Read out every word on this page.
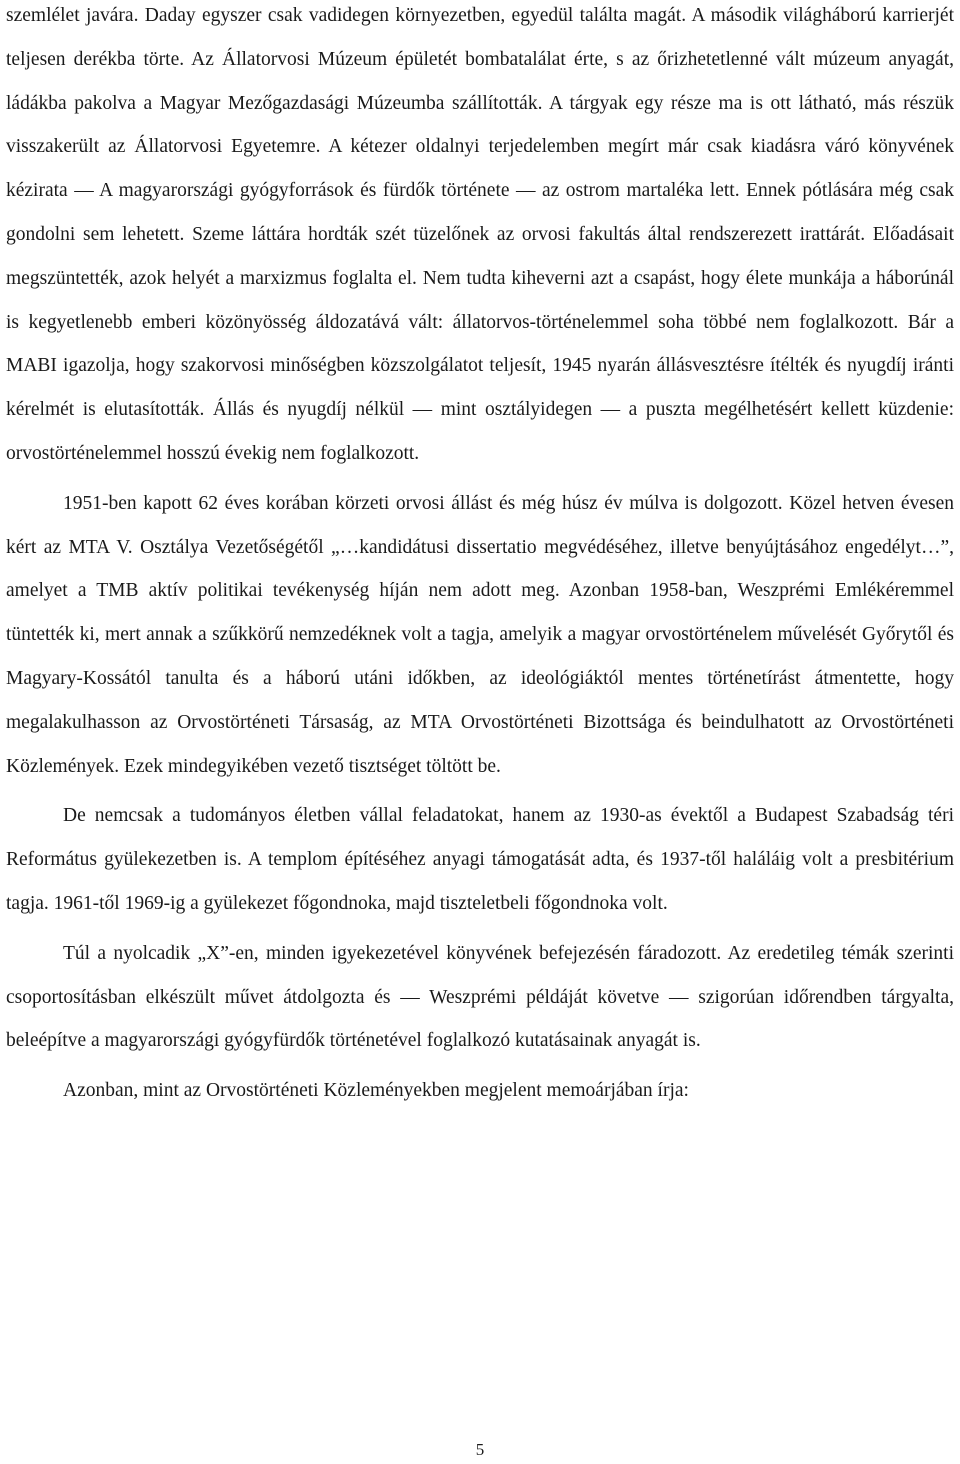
szemlélet javára. Daday egyszer csak vadidegen környezetben, egyedül találta magát. A második világháború karrierjét teljesen derékba törte. Az Állatorvosi Múzeum épületét bombatalálat érte, s az őrizhetetlenné vált múzeum anyagát, ládákba pakolva a Magyar Mezőgazdasági Múzeumba szállították. A tárgyak egy része ma is ott látható, más részük visszakerült az Állatorvosi Egyetemre. A kétezer oldalnyi terjedelemben megírt már csak kiadásra váró könyvének kézirata ― A magyarországi gyógyforrások és fürdők története ― az ostrom martaléka lett. Ennek pótlására még csak gondolni sem lehetett. Szeme láttára hordták szét tüzelőnek az orvosi fakultás által rendszerezett irattárát. Előadásait megszüntették, azok helyét a marxizmus foglalta el. Nem tudta kiheverni azt a csapást, hogy élete munkája a háborúnál is kegyetlenebb emberi közönyösség áldozatává vált: állatorvos-történelemmel soha többé nem foglalkozott. Bár a MABI igazolja, hogy szakorvosi minőségben közszolgálatot teljesít, 1945 nyarán állásvesztésre ítélték és nyugdíj iránti kérelmét is elutasították. Állás és nyugdíj nélkül ― mint osztályidegen ― a puszta megélhetésért kellett küzdenie: orvostörténelemmel hosszú évekig nem foglalkozott.

1951-ben kapott 62 éves korában körzeti orvosi állást és még húsz év múlva is dolgozott. Közel hetven évesen kért az MTA V. Osztálya Vezetőségétől „…kandidátusi dissertatio megvédéséhez, illetve benyújtásához engedélyt…”, amelyet a TMB aktív politikai tevékenység híján nem adott meg. Azonban 1958-ban, Weszprémi Emlékéremmel tüntették ki, mert annak a szűkkörű nemzedéknek volt a tagja, amelyik a magyar orvostörténelem művelését Győrytől és Magyary-Kossától tanulta és a háború utáni időkben, az ideológiáktól mentes történetírást átmentette, hogy megalakulhasson az Orvostörténeti Társaság, az MTA Orvostörténeti Bizottsága és beindulhatott az Orvostörténeti Közlemények. Ezek mindegyikében vezető tisztséget töltött be.

De nemcsak a tudományos életben vállal feladatokat, hanem az 1930-as évektől a Budapest Szabadság téri Református gyülekezetben is. A templom építéséhez anyagi támogatását adta, és 1937-től haláláig volt a presbitérium tagja. 1961-től 1969-ig a gyülekezet főgondnoka, majd tiszteletbeli főgondnoka volt.

Túl a nyolcadik „X”-en, minden igyekezetével könyvének befejezésén fáradozott. Az eredetileg témák szerinti csoportosításban elkészült művet átdolgozta és ― Weszprémi példáját követve ― szigorúan időrendben tárgyalta, beleépítve a magyarországi gyógyfürdők történetével foglalkozó kutatásainak anyagát is.

Azonban, mint az Orvostörténeti Közleményekben megjelent memoárjában írja:

5
